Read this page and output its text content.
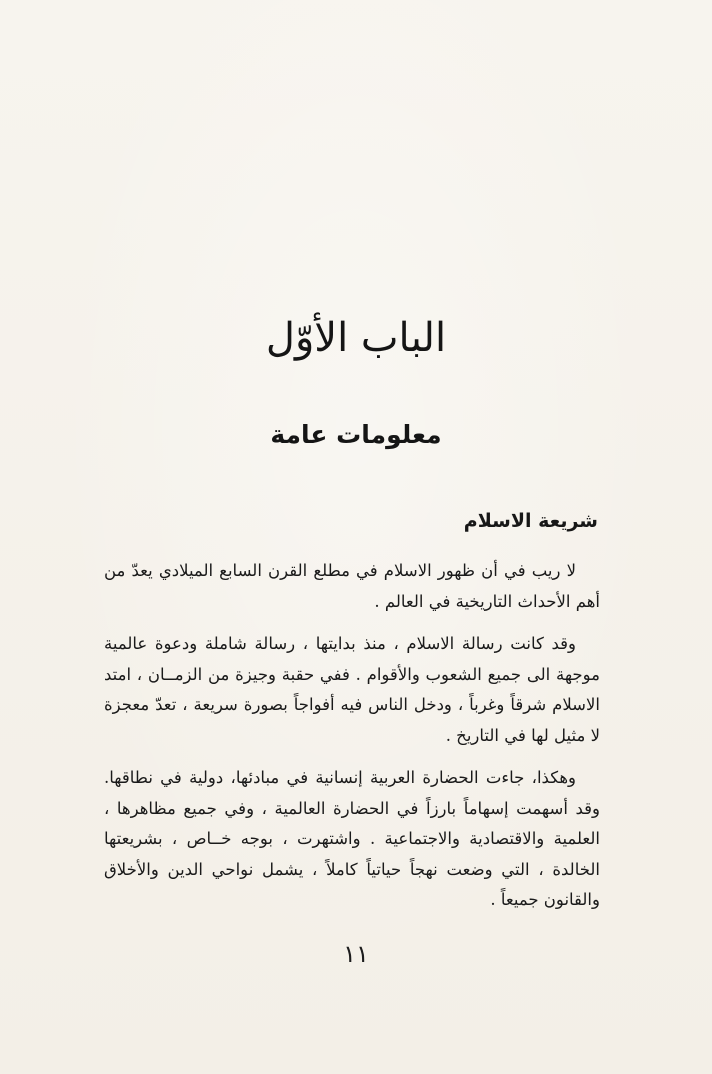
الباب الأوّل
معلومات عامة
شريعة الاسلام

لا ريب في أن ظهور الاسلام في مطلع القرن السابع الميلادي يعدّ من أهم الأحداث التاريخية في العالم .

وقد كانت رسالة الاسلام ، منذ بدايتها ، رسالة شاملة ودعوة عالمية موجهة الى جميع الشعوب والأقوام . ففي حقبة وجيزة من الزمــان ، امتد الاسلام شرقاً وغرباً ، ودخل الناس فيه أفواجاً بصورة سريعة ، تعدّ معجزة لا مثيل لها في التاريخ .

وهكذا، جاءت الحضارة العربية إنسانية في مبادئها، دولية في نطاقها. وقد أسهمت إسهاماً بارزاً في الحضارة العالمية ، وفي جميع مظاهرها ، العلمية والاقتصادية والاجتماعية . واشتهرت ، بوجه خــاص ، بشريعتها الخالدة ، التي وضعت نهجاً حياتياً كاملاً ، يشمل نواحي الدين والأخلاق والقانون جميعاً .

١١
